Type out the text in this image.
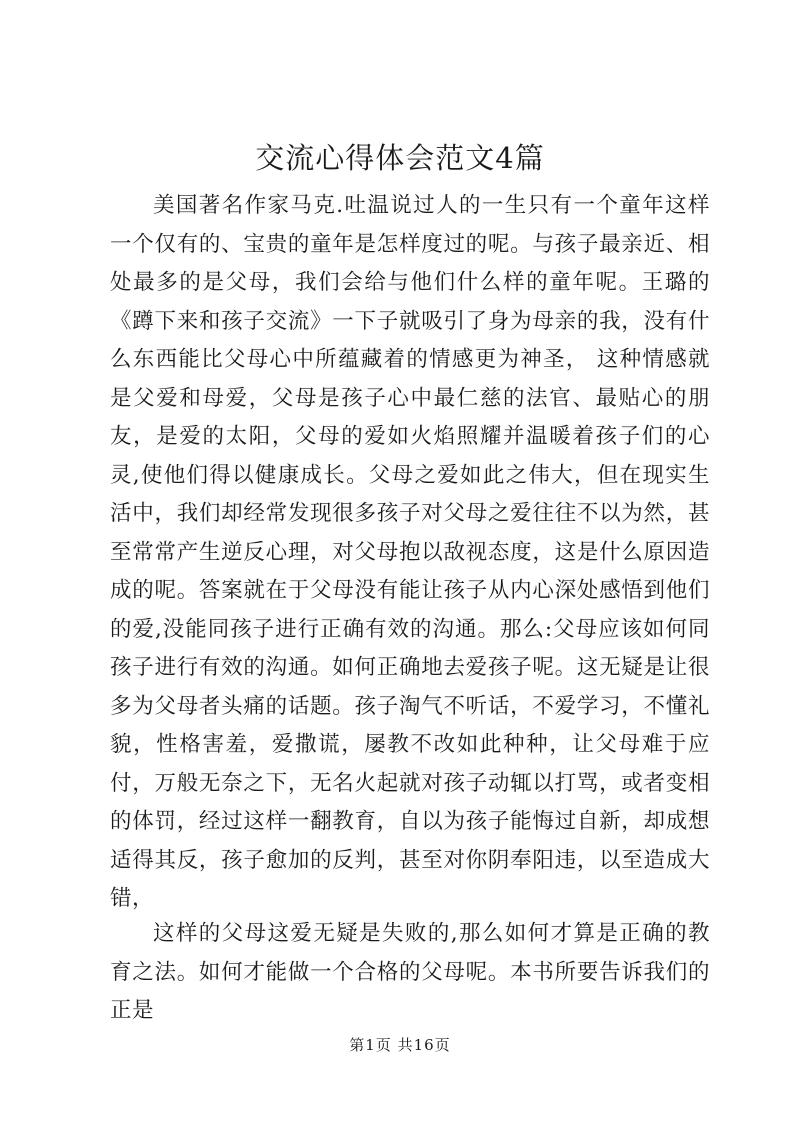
交流心得体会范文4篇

美国著名作家马克.吐温说过人的一生只有一个童年这样一个仅有的、宝贵的童年是怎样度过的呢。与孩子最亲近、相处最多的是父母，我们会给与他们什么样的童年呢。王璐的《蹲下来和孩子交流》一下子就吸引了身为母亲的我，没有什么东西能比父母心中所蕴藏着的情感更为神圣， 这种情感就是父爱和母爱，父母是孩子心中最仁慈的法官、最贴心的朋友，是爱的太阳，父母的爱如火焰照耀并温暖着孩子们的心灵,使他们得以健康成长。父母之爱如此之伟大，但在现实生活中，我们却经常发现很多孩子对父母之爱往往不以为然，甚至常常产生逆反心理，对父母抱以敌视态度，这是什么原因造成的呢。答案就在于父母没有能让孩子从内心深处感悟到他们的爱,没能同孩子进行正确有效的沟通。那么:父母应该如何同孩子进行有效的沟通。如何正确地去爱孩子呢。这无疑是让很多为父母者头痛的话题。孩子淘气不听话，不爱学习，不懂礼貌，性格害羞，爱撒谎，屡教不改如此种种，让父母难于应付，万般无奈之下，无名火起就对孩子动辄以打骂，或者变相的体罚，经过这样一翻教育，自以为孩子能悔过自新，却成想适得其反，孩子愈加的反判，甚至对你阴奉阳违，以至造成大错，

这样的父母这爱无疑是失败的,那么如何才算是正确的教育之法。如何才能做一个合格的父母呢。本书所要告诉我们的正是

第1页 共16页
